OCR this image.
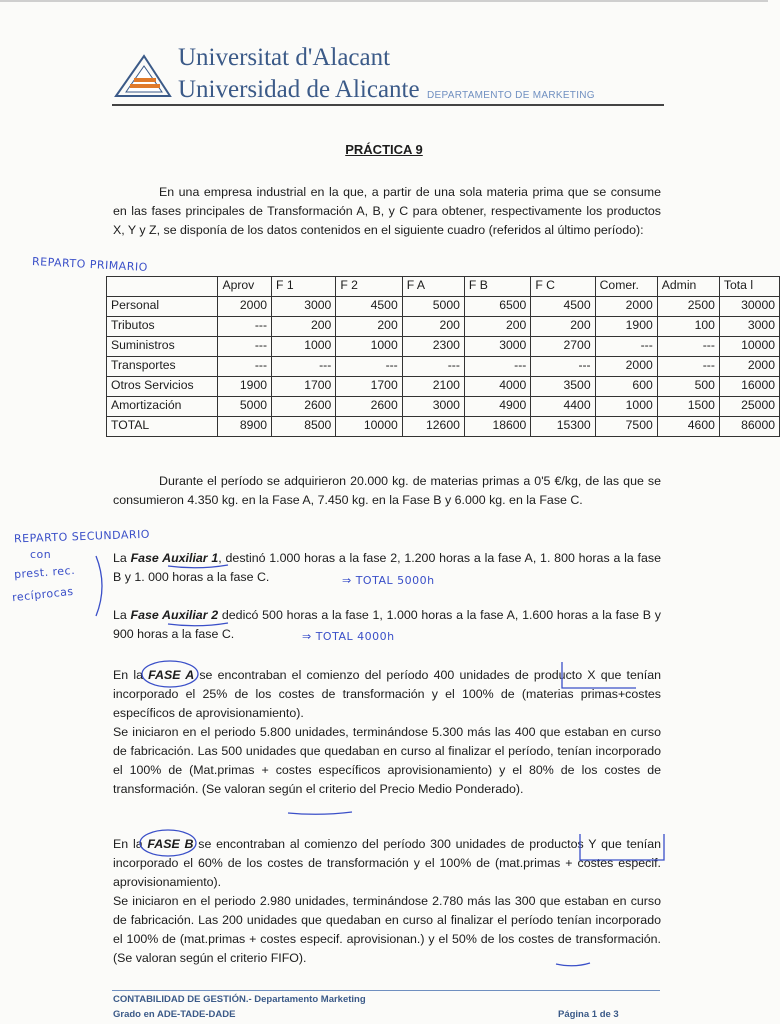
Universitat d'Alacant
Universidad de Alicante DEPARTAMENTO DE MARKETING
PRÁCTICA 9
En una empresa industrial en la que, a partir de una sola materia prima que se consume en las fases principales de Transformación A, B, y C para obtener, respectivamente los productos X, Y y Z, se disponía de los datos contenidos en el siguiente cuadro (referidos al último período):
REPARTO PRIMARIO
	Aprov	F 1	F 2	F A	F B	F C	Comer.	Admin	Tota l
Personal	2000	3000	4500	5000	6500	4500	2000	2500	30000
Tributos	---	200	200	200	200	200	1900	100	3000
Suministros	---	1000	1000	2300	3000	2700	---	---	10000
Transportes	---	---	---	---	---	---	2000	---	2000
Otros Servicios	1900	1700	1700	2100	4000	3500	600	500	16000
Amortización	5000	2600	2600	3000	4900	4400	1000	1500	25000
TOTAL	8900	8500	10000	12600	18600	15300	7500	4600	86000
Durante el período se adquirieron 20.000 kg. de materias primas a 0'5 €/kg, de las que se consumieron 4.350 kg. en la Fase A, 7.450 kg. en la Fase B y 6.000 kg. en la Fase C.
REPARTO SECUNDARIO
con
prest. rec.
recíprocas
La Fase Auxiliar 1, destinó 1.000 horas a la fase 2, 1.200 horas a la fase A, 1. 800 horas a la fase B y 1. 000 horas a la fase C.	⇒ TOTAL 5000h
La Fase Auxiliar 2 dedicó 500 horas a la fase 1, 1.000 horas a la fase A, 1.600 horas a la fase B y 900 horas a la fase C.	⇒ TOTAL 4000h
En la FASE A se encontraban el comienzo del período 400 unidades de producto X que tenían incorporado el 25% de los costes de transformación y el 100% de (materias primas+costes específicos de aprovisionamiento).
Se iniciaron en el periodo 5.800 unidades, terminándose 5.300 más las 400 que estaban en curso de fabricación. Las 500 unidades que quedaban en curso al finalizar el período, tenían incorporado el 100% de (Mat.primas + costes específicos aprovisionamiento) y el 80% de los costes de transformación. (Se valoran según el criterio del Precio Medio Ponderado).
En la FASE B se encontraban al comienzo del período 300 unidades de productos Y que tenían incorporado el 60% de los costes de transformación y el 100% de (mat.primas + costes especif. aprovisionamiento).
Se iniciaron en el periodo 2.980 unidades, terminándose 2.780 más las 300 que estaban en curso de fabricación. Las 200 unidades que quedaban en curso al finalizar el período tenían incorporado el 100% de (mat.primas + costes especif. aprovisionan.) y el 50% de los costes de transformación. (Se valoran según el criterio FIFO).
CONTABILIDAD DE GESTIÓN.- Departamento Marketing
Grado en ADE-TADE-DADE	Página 1 de 3
